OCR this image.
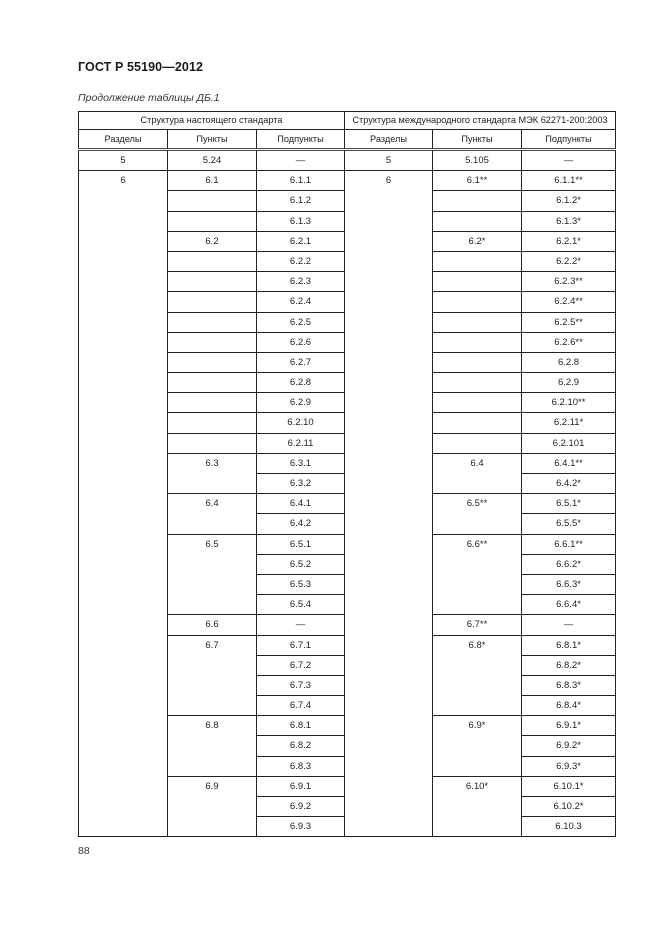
ГОСТ Р 55190—2012
Продолжение таблицы ДБ.1
Структура настоящего стандарта			Структура международного стандарта МЭК 62271-200:2003		
Разделы	Пункты	Подпункты	Разделы	Пункты	Подпункты
5	5.24	—	5	5.105	—
6	6.1	6.1.1	6	6.1**	6.1.1**
		6.1.2			6.1.2*
		6.1.3			6.1.3*
	6.2	6.2.1		6.2*	6.2.1*
		6.2.2			6.2.2*
		6.2.3			6.2.3**
		6.2.4			6.2.4**
		6.2.5			6.2.5**
		6.2.6			6.2.6**
		6.2.7			6.2.8
		6.2.8			6.2.9
		6.2.9			6.2.10**
		6.2.10			6.2.11*
		6.2.11			6.2.101
	6.3	6.3.1		6.4	6.4.1**
		6.3.2			6.4.2*
	6.4	6.4.1		6.5**	6.5.1*
		6.4.2			6.5.5*
	6.5	6.5.1		6.6**	6.6.1**
		6.5.2			6.6.2*
		6.5.3			6.6.3*
		6.5.4			6.6.4*
	6.6	—		6.7**	—
	6.7	6.7.1		6.8*	6.8.1*
		6.7.2			6.8.2*
		6.7.3			6.8.3*
		6.7.4			6.8.4*
	6.8	6.8.1		6.9*	6.9.1*
		6.8.2			6.9.2*
		6.8.3			6.9.3*
	6.9	6.9.1		6.10*	6.10.1*
		6.9.2			6.10.2*
		6.9.3			6.10.3
88
